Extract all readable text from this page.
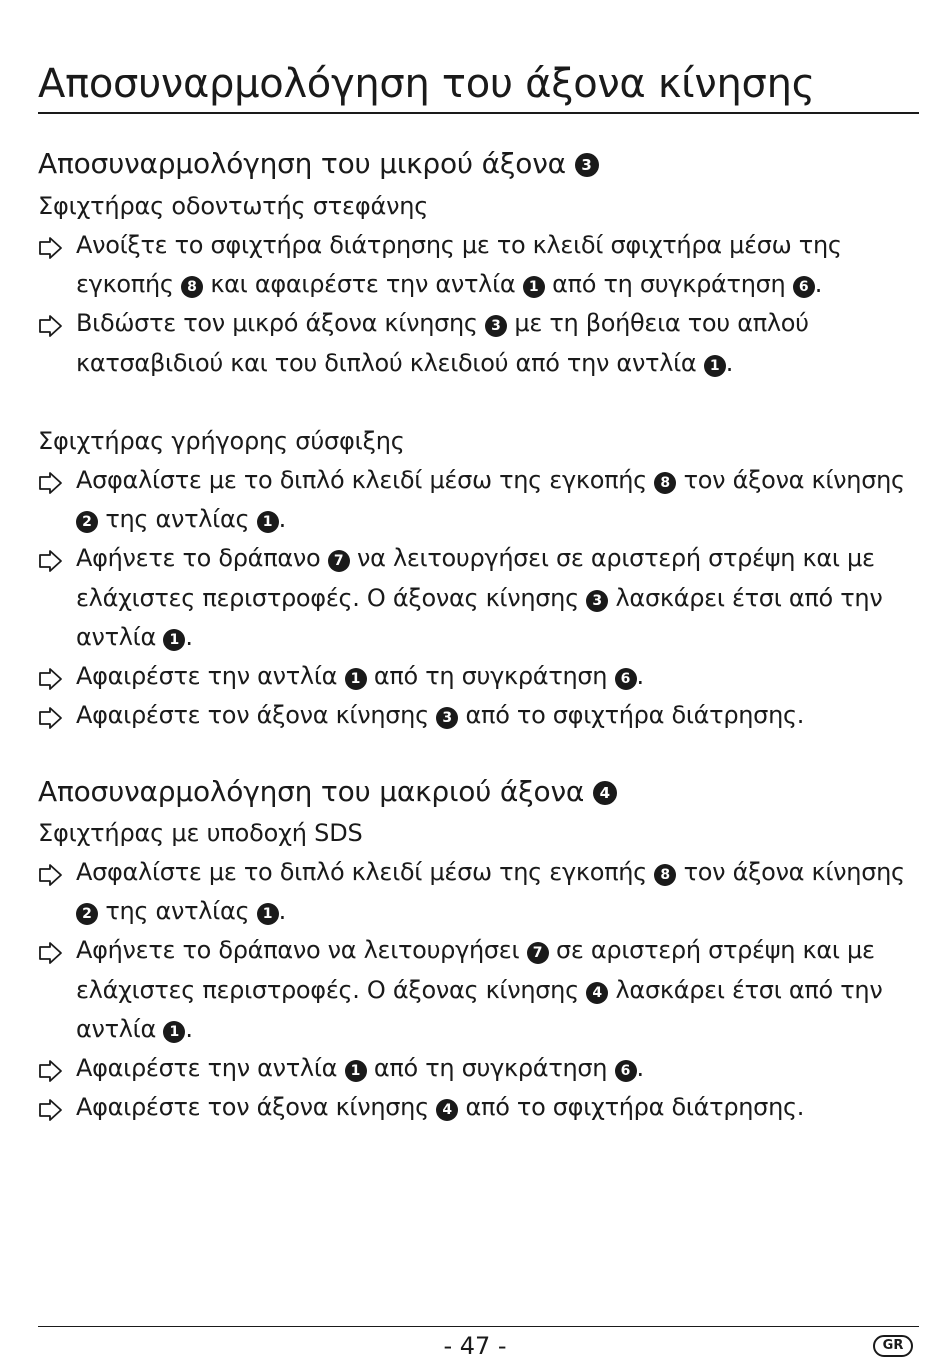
Αποσυναρμολόγηση του άξονα κίνησης
Αποσυναρμολόγηση του μικρού άξονα 3

Σφιχτήρας οδοντωτής στεφάνης

Ανοίξτε το σφιχτήρα διάτρησης με το κλειδί σφιχτήρα μέσω της εγκοπής 8 και αφαιρέστε την αντλία 1 από τη συγκράτηση 6 .
Βιδώστε τον μικρό άξονα κίνησης 3 με τη βοήθεια του απλού κατσαβιδιού και του διπλού κλειδιού από την αντλία 1 .

Σφιχτήρας γρήγορης σύσφιξης

Ασφαλίστε με το διπλό κλειδί μέσω της εγκοπής 8 τον άξονα κίνησης 2 της αντλίας 1 .
Αφήνετε το δράπανο 7 να λειτουργήσει σε αριστερή στρέψη και με ελάχιστες περιστροφές. Ο άξονας κίνησης 3 λασκάρει έτσι από την αντλία 1 .
Αφαιρέστε την αντλία 1 από τη συγκράτηση 6 .
Αφαιρέστε τον άξονα κίνησης 3 από το σφιχτήρα διάτρησης.
Αποσυναρμολόγηση του μακριού άξονα 4

Σφιχτήρας με υποδοχή SDS

Ασφαλίστε με το διπλό κλειδί μέσω της εγκοπής 8 τον άξονα κίνησης 2 της αντλίας 1 .
Αφήνετε το δράπανο να λειτουργήσει 7 σε αριστερή στρέψη και με ελάχιστες περιστροφές. Ο άξονας κίνησης 4 λασκάρει έτσι από την αντλία 1 .
Αφαιρέστε την αντλία 1 από τη συγκράτηση 6 .
Αφαιρέστε τον άξονα κίνησης 4 από το σφιχτήρα διάτρησης.
- 47 -	GR
